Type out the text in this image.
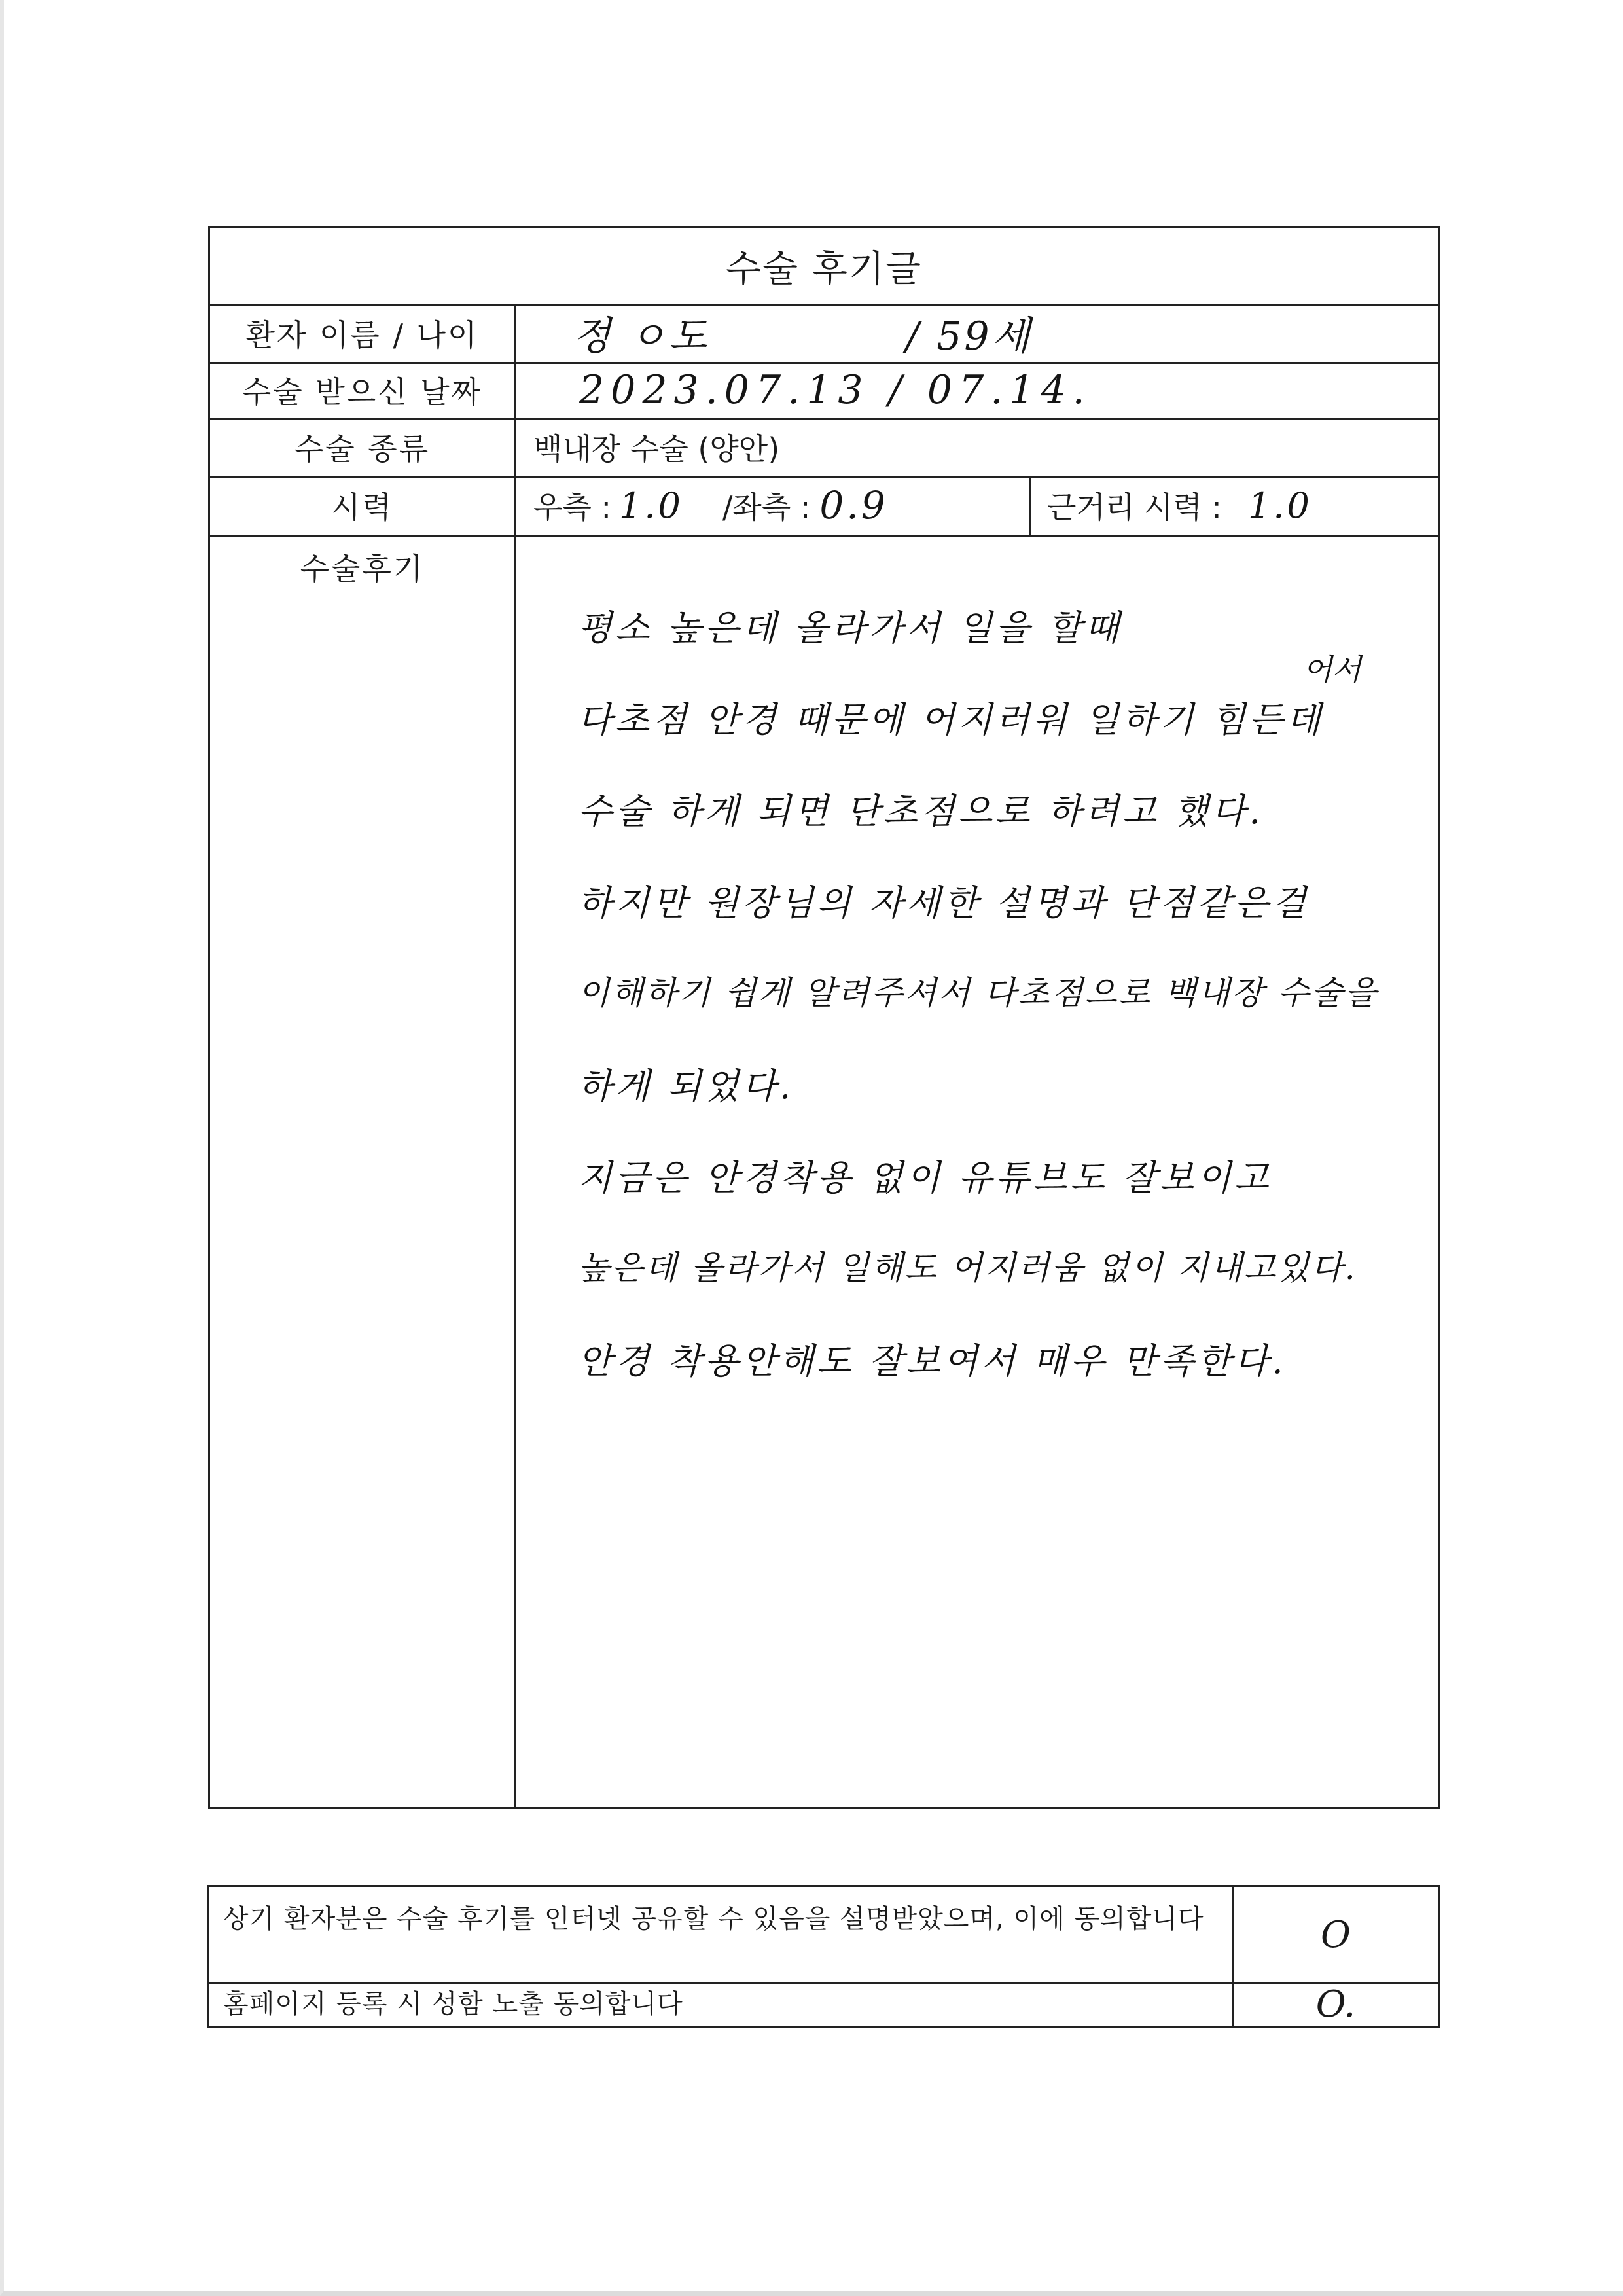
수술 후기글
환자 이름 / 나이	정 ㅇ도	/ 59세
수술 받으신 날짜	2023.07.13 / 07.14.
수술 종류	백내장 수술 (양안)
시력	우측 : 1.0 /좌측 : 0.9	근거리 시력 : 1.0
수술후기
평소 높은데 올라가서 일을 할때
다초점 안경 때문에 어지러워 일하기 힘든데
수술 하게 되면 단초점으로 하려고 했다.
하지만 원장님의 자세한 설명과 단점같은걸
이해하기 쉽게 알려주셔서 다초점으로 백내장 수술을
하게 되었다.
지금은 안경착용 없이 유튜브도 잘보이고
높은데 올라가서 일해도 어지러움 없이 지내고있다.
안경 착용안해도 잘보여서 매우 만족한다.
어서
상기 환자분은 수술 후기를 인터넷 공유할 수 있음을 설명받았으며, 이에 동의합니다	O
홈페이지 등록 시 성함 노출 동의합니다	O.
